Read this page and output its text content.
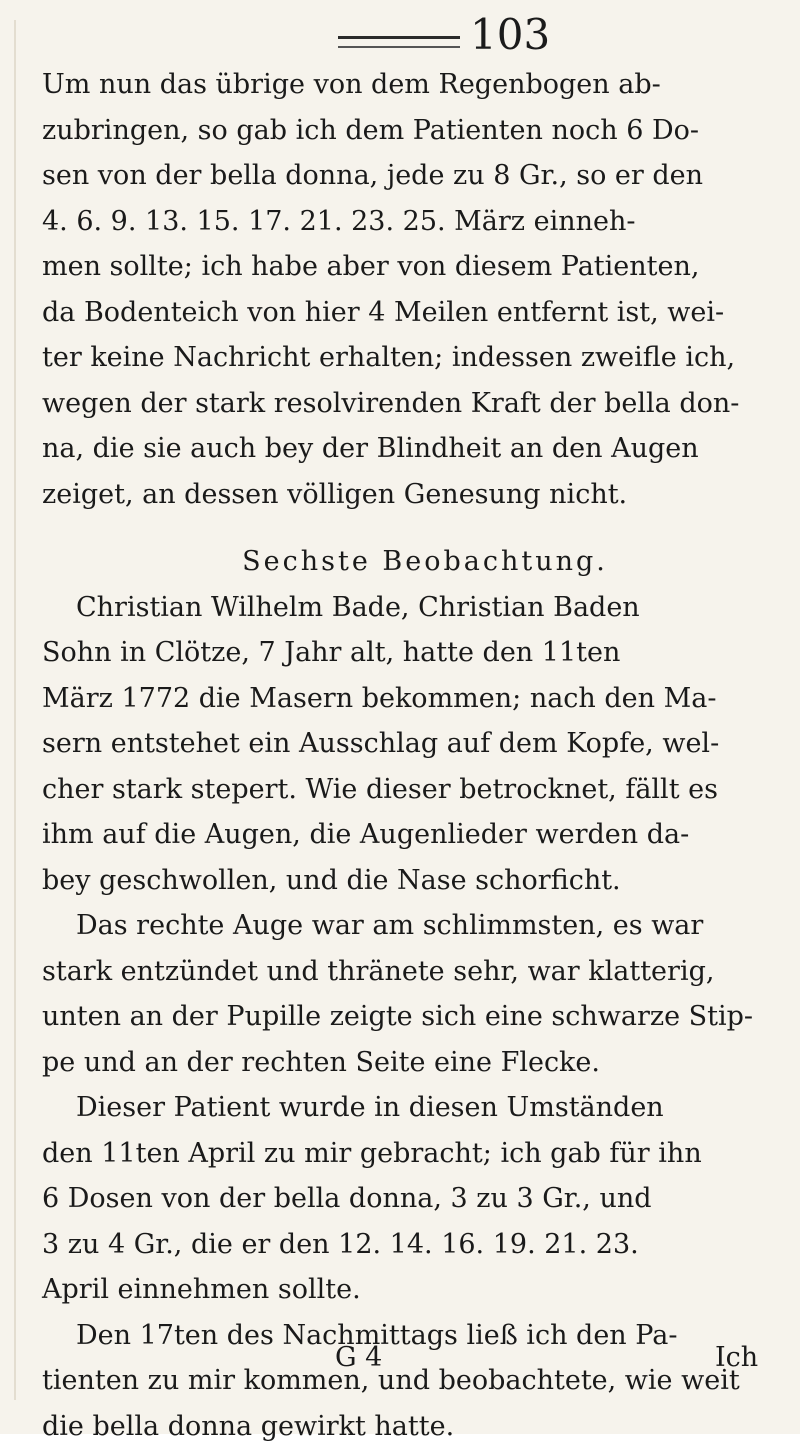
103

Um nun das übrige von dem Regenbogen ab-
zubringen, so gab ich dem Patienten noch 6 Do-
sen von der bella donna, jede zu 8 Gr., so er den
4. 6. 9. 13. 15. 17. 21. 23. 25. März einneh-
men sollte; ich habe aber von diesem Patienten,
da Bodenteich von hier 4 Meilen entfernt ist, wei-
ter keine Nachricht erhalten; indessen zweifle ich,
wegen der stark resolvirenden Kraft der bella don-
na, die sie auch bey der Blindheit an den Augen
zeiget, an dessen völligen Genesung nicht.

Sechste Beobachtung.

Christian Wilhelm Bade, Christian Baden
Sohn in Clötze, 7 Jahr alt, hatte den 11ten
März 1772 die Masern bekommen; nach den Ma-
sern entstehet ein Ausschlag auf dem Kopfe, wel-
cher stark stepert. Wie dieser betrocknet, fällt es
ihm auf die Augen, die Augenlieder werden da-
bey geschwollen, und die Nase schorficht.

Das rechte Auge war am schlimmsten, es war
stark entzündet und thränete sehr, war klatterig,
unten an der Pupille zeigte sich eine schwarze Stip-
pe und an der rechten Seite eine Flecke.

Dieser Patient wurde in diesen Umständen
den 11ten April zu mir gebracht; ich gab für ihn
6 Dosen von der bella donna, 3 zu 3 Gr., und
3 zu 4 Gr., die er den 12. 14. 16. 19. 21. 23.
April einnehmen sollte.

Den 17ten des Nachmittags ließ ich den Pa-
tienten zu mir kommen, und beobachtete, wie weit
die bella donna gewirkt hatte.

G 4	Ich
